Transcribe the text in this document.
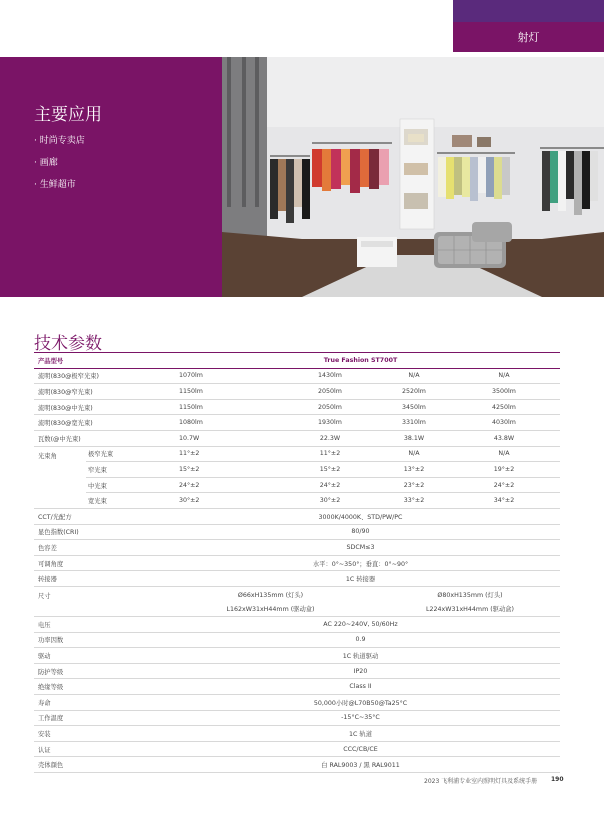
射灯
主要应用
· 时尚专卖店
· 画廊
· 生鲜超市
技术参数
产品型号		True Fashion ST700T			
流明(830@极窄光束)		1070lm	1430lm	N/A	N/A
流明(830@窄光束)		1150lm	2050lm	2520lm	3500lm
流明(830@中光束)		1150lm	2050lm	3450lm	4250lm
流明(830@宽光束)		1080lm	1930lm	3310lm	4030lm
瓦数(@中光束)		10.7W	22.3W	38.1W	43.8W
光束角	极窄光束	11°±2	11°±2	N/A	N/A
	窄光束	15°±2	15°±2	13°±2	19°±2
	中光束	24°±2	24°±2	23°±2	24°±2
	宽光束	30°±2	30°±2	33°±2	34°±2
CCT/光配方		3000K/4000K、STD/PW/PC			
显色指数(CRI)		80/90			
色容差		SDCM≤3			
可调角度		水平：0°~350°；垂直：0°~90°			
转接器		1C 转接器			
尺寸		Ø66xH135mm (灯头)		Ø80xH135mm (灯头)	
		L162xW31xH44mm (驱动盒)		L224xW31xH44mm (驱动盒)	
电压		AC 220~240V, 50/60Hz			
功率因数		0.9			
驱动		1C 轨道驱动			
防护等级		IP20			
绝缘等级		Class II			
寿命		50,000小时@L70B50@Ta25°C			
工作温度		-15°C~35°C			
安装		1C 轨道			
认证		CCC/CB/CE			
壳体颜色		白 RAL9003 / 黑 RAL9011			
2023 飞利浦专业室内照明灯具及系统手册 190
